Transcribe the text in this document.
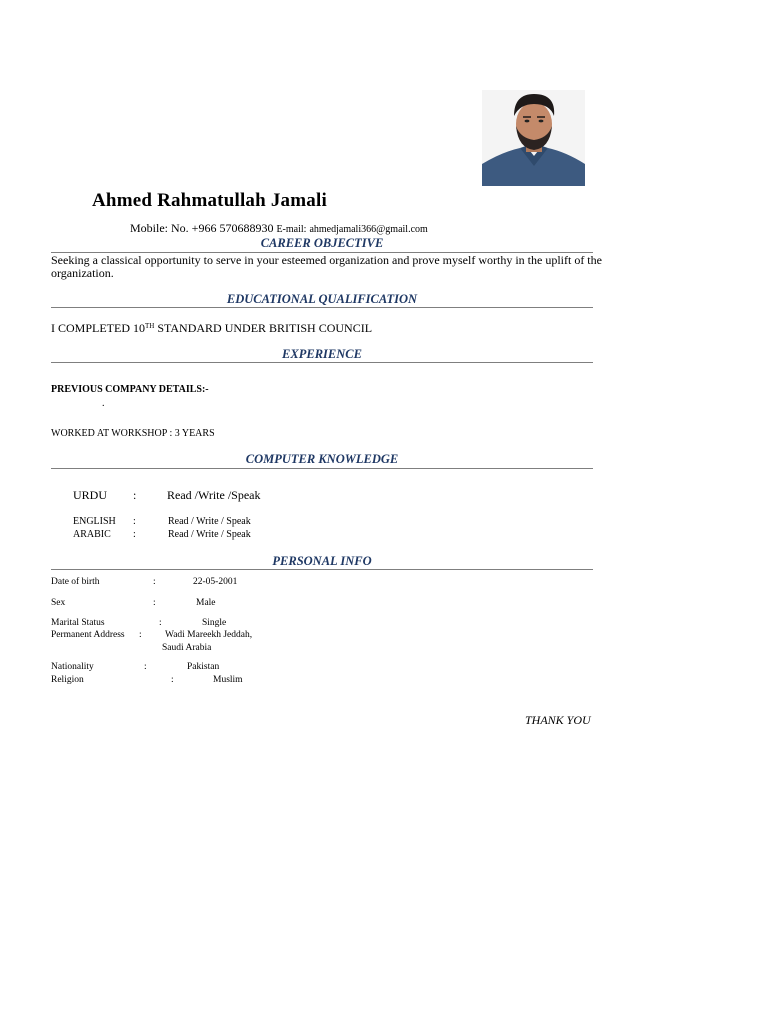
Ahmed Rahmatullah Jamali
Mobile: No. +966 570688930 E-mail: ahmedjamali366@gmail.com
CAREER OBJECTIVE
Seeking a classical opportunity to serve in your esteemed organization and prove myself worthy in the uplift of the organization.
EDUCATIONAL QUALIFICATION
I COMPLETED 10TH STANDARD UNDER BRITISH COUNCIL
EXPERIENCE
PREVIOUS COMPANY DETAILS:-
.
WORKED AT WORKSHOP : 3 YEARS
COMPUTER KNOWLEDGE
URDU :	Read /Write /Speak
ENGLISH :	Read / Write / Speak
ARABIC :	Read / Write / Speak
PERSONAL INFO
Date of birth	:	22-05-2001
Sex	:	Male
Marital Status	:	Single
Permanent Address : Wadi Mareekh Jeddah,
Saudi Arabia
Nationality	:	Pakistan
Religion	:	Muslim
THANK YOU
